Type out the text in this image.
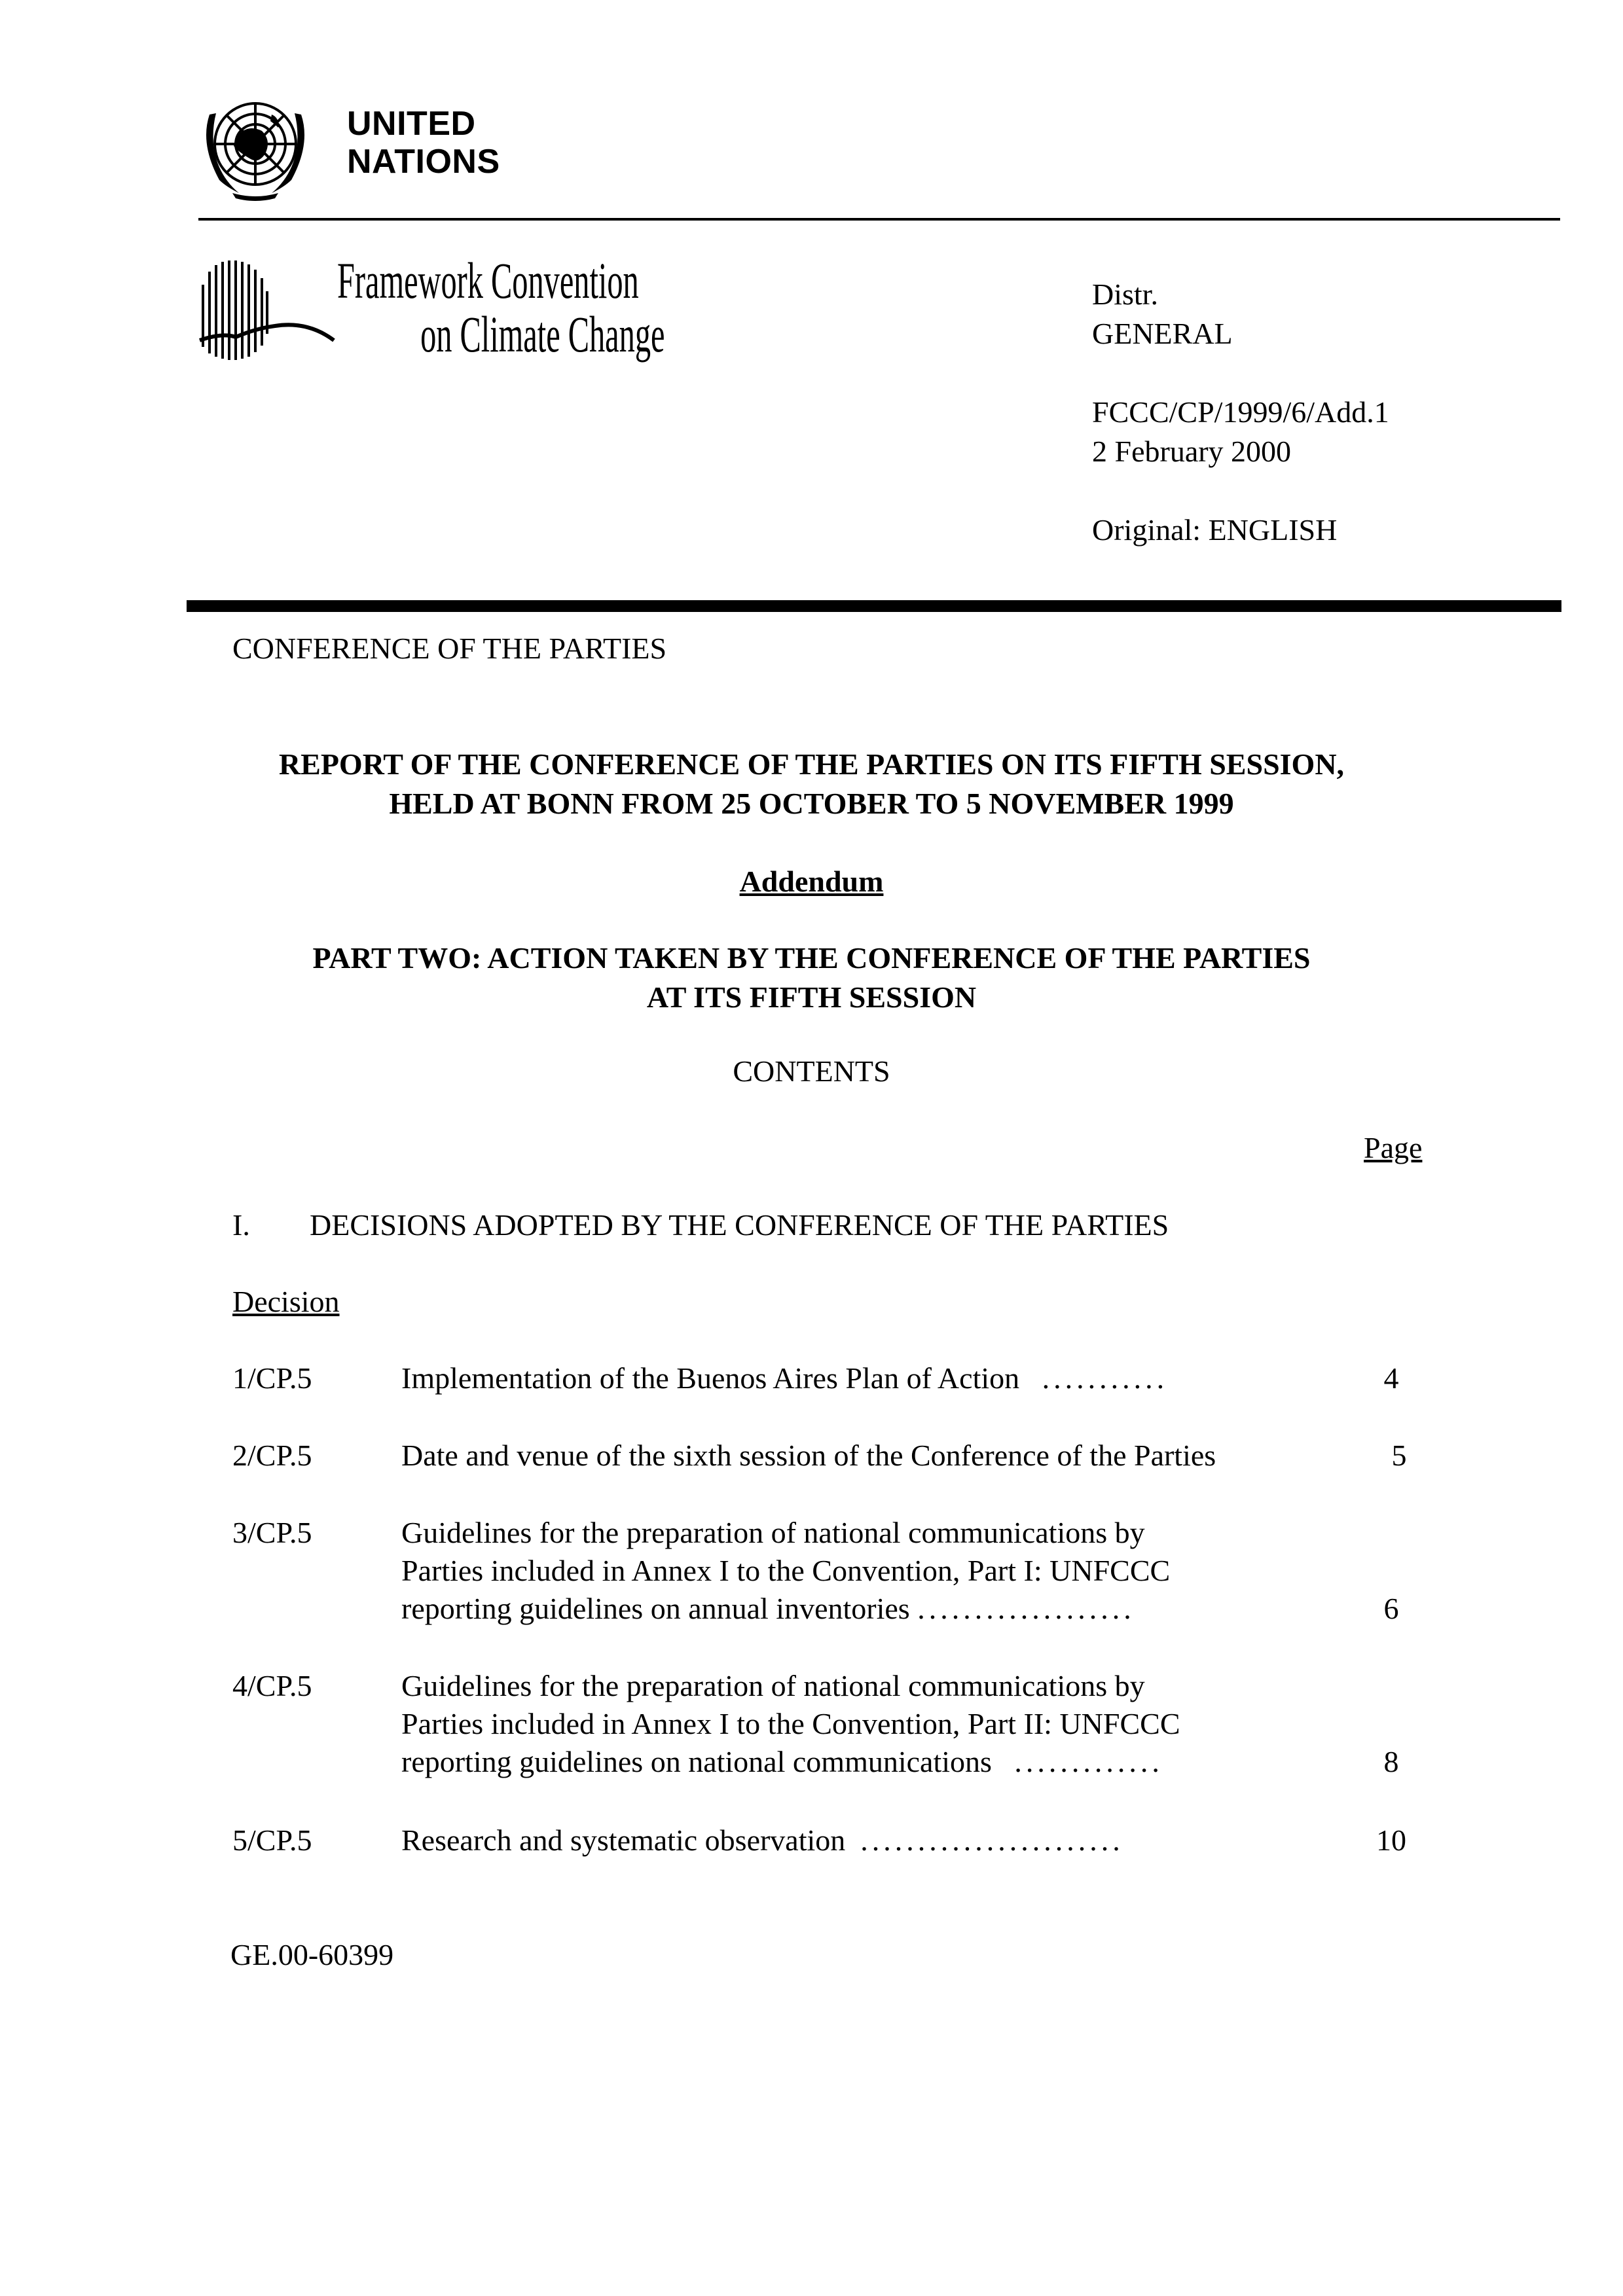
UNITED
NATIONS
Framework Convention
on Climate Change
Distr.
GENERAL
FCCC/CP/1999/6/Add.1
2 February 2000
Original: ENGLISH
CONFERENCE OF THE PARTIES
REPORT OF THE CONFERENCE OF THE PARTIES ON ITS FIFTH SESSION,
HELD AT BONN FROM 25 OCTOBER TO 5 NOVEMBER 1999
Addendum
PART TWO: ACTION TAKEN BY THE CONFERENCE OF THE PARTIES
AT ITS FIFTH SESSION
CONTENTS
Page
I. DECISIONS ADOPTED BY THE CONFERENCE OF THE PARTIES
Decision
1/CP.5	Implementation of the Buenos Aires Plan of Action ...........	4
2/CP.5	Date and venue of the sixth session of the Conference of the Parties	5
3/CP.5	Guidelines for the preparation of national communications by
Parties included in Annex I to the Convention, Part I: UNFCCC
reporting guidelines on annual inventories ...................	6
4/CP.5	Guidelines for the preparation of national communications by
Parties included in Annex I to the Convention, Part II: UNFCCC
reporting guidelines on national communications .............	8
5/CP.5	Research and systematic observation .......................	10
GE.00-60399
